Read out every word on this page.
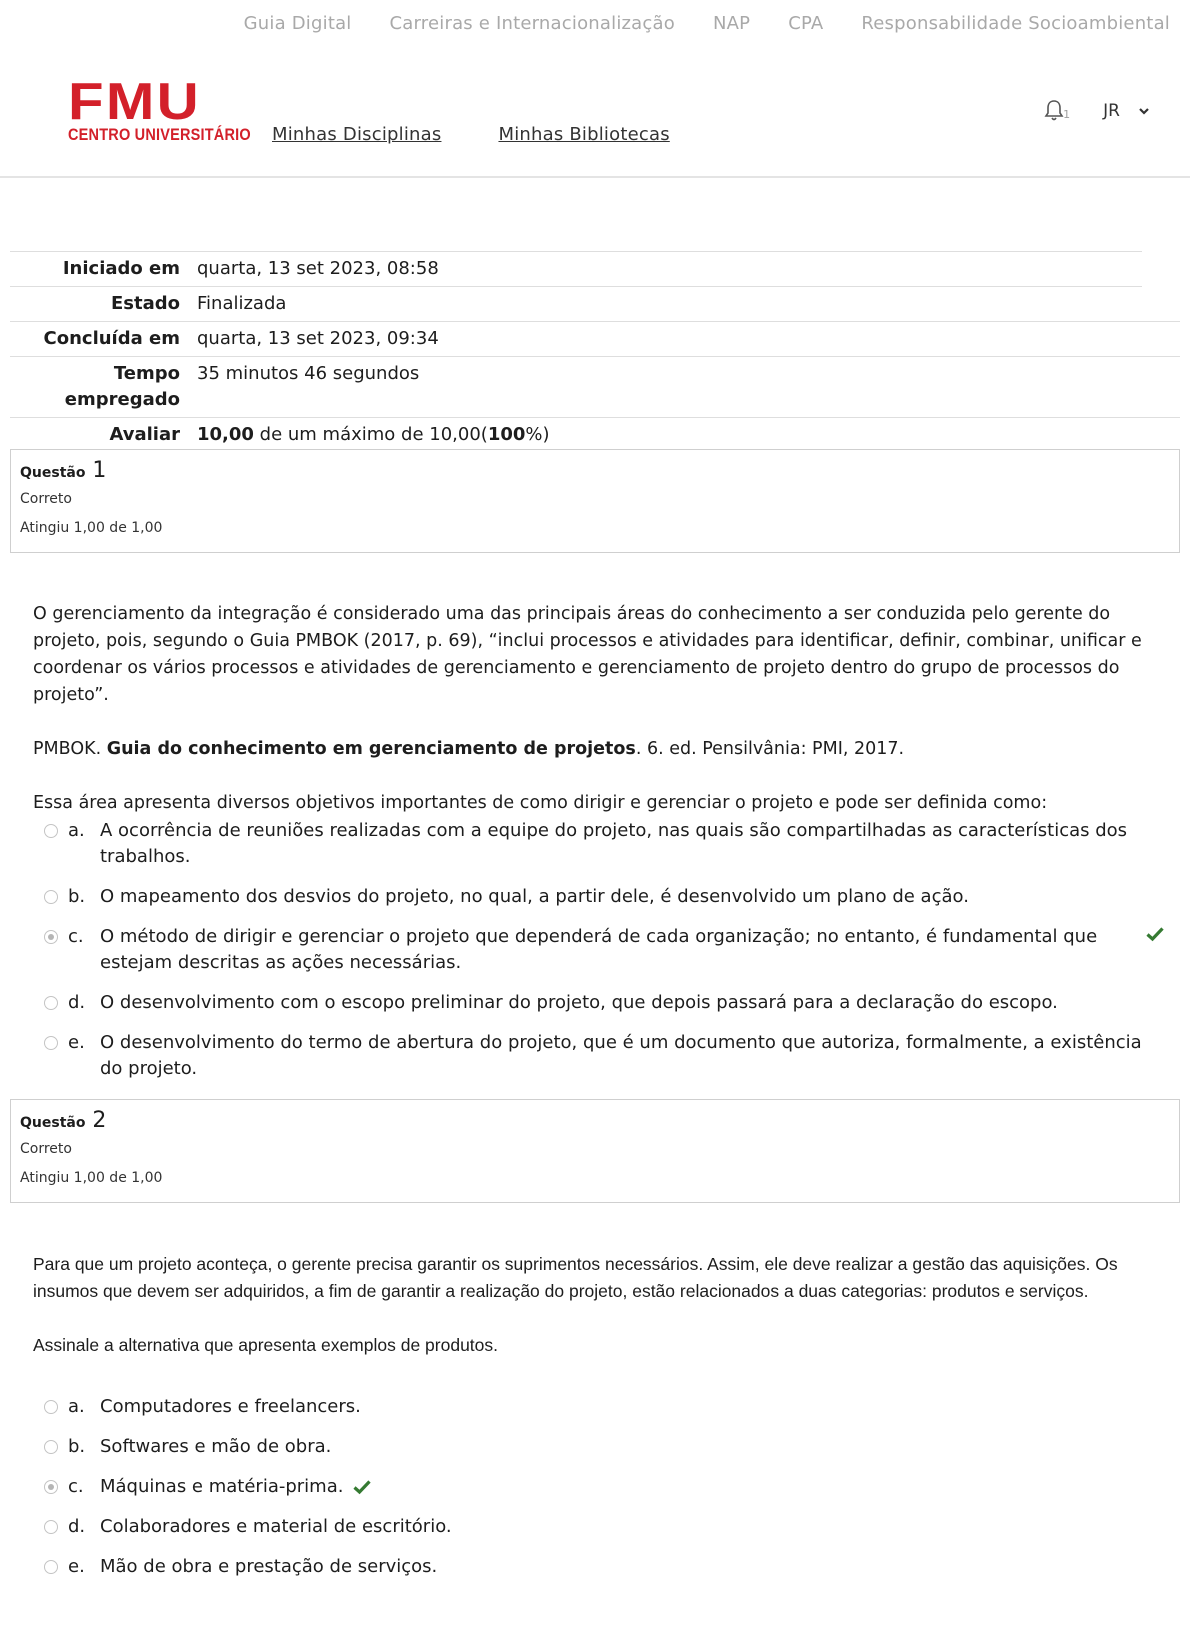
Guia Digital Carreiras e Internacionalização NAP CPA Responsabilidade Socioambiental
FMU
CENTRO UNIVERSITÁRIO Minhas Disciplinas	Minhas Bibliotecas
1 JR
Iniciado em quarta, 13 set 2023, 08:58
Estado Finalizada
Concluída em quarta, 13 set 2023, 09:34
Tempo empregado
35 minutos 46 segundos
Avaliar 10,00 de um máximo de 10,00(100%)
Questão 1
Correto
Atingiu 1,00 de 1,00

O gerenciamento da integração é considerado uma das principais áreas do conhecimento a ser conduzida pelo gerente do projeto, pois, segundo o Guia PMBOK (2017, p. 69), “inclui processos e atividades para identificar, definir, combinar, unificar e coordenar os vários processos e atividades de gerenciamento e gerenciamento de projeto dentro do grupo de processos do projeto”.

PMBOK. Guia do conhecimento em gerenciamento de projetos. 6. ed. Pensilvânia: PMI, 2017.

Essa área apresenta diversos objetivos importantes de como dirigir e gerenciar o projeto e pode ser definida como:

a. A ocorrência de reuniões realizadas com a equipe do projeto, nas quais são compartilhadas as características dos trabalhos.
b. O mapeamento dos desvios do projeto, no qual, a partir dele, é desenvolvido um plano de ação.
c. O método de dirigir e gerenciar o projeto que dependerá de cada organização; no entanto, é fundamental que estejam descritas as ações necessárias.
d. O desenvolvimento com o escopo preliminar do projeto, que depois passará para a declaração do escopo.
e. O desenvolvimento do termo de abertura do projeto, que é um documento que autoriza, formalmente, a existência do projeto.
Questão 2
Correto
Atingiu 1,00 de 1,00

Para que um projeto aconteça, o gerente precisa garantir os suprimentos necessários. Assim, ele deve realizar a gestão das aquisições. Os insumos que devem ser adquiridos, a fim de garantir a realização do projeto, estão relacionados a duas categorias: produtos e serviços.

Assinale a alternativa que apresenta exemplos de produtos.

a. Computadores e freelancers.
b. Softwares e mão de obra.
c. Máquinas e matéria-prima.
d. Colaboradores e material de escritório.
e. Mão de obra e prestação de serviços.
